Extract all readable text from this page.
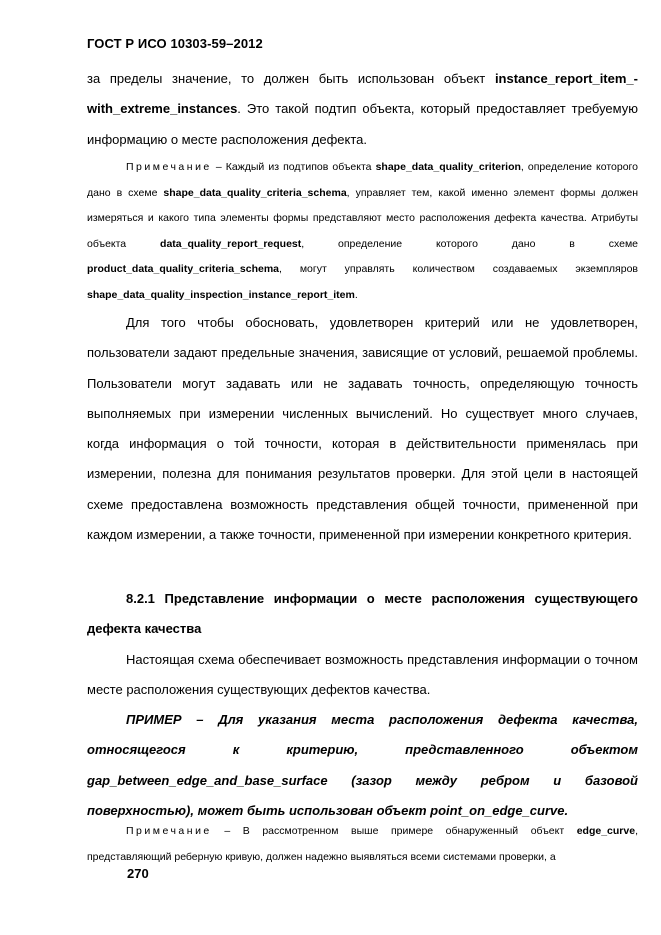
ГОСТ Р ИСО 10303-59–2012

за пределы значение, то должен быть использован объект instance_report_item_-with_extreme_instances. Это такой подтип объекта, который предоставляет требуемую информацию о месте расположения дефекта.

Примечание – Каждый из подтипов объекта shape_data_quality_criterion, определение которого дано в схеме shape_data_quality_criteria_schema, управляет тем, какой именно элемент формы должен измеряться и какого типа элементы формы представляют место расположения дефекта качества. Атрибуты объекта data_quality_report_request, определение которого дано в схеме product_data_quality_criteria_schema, могут управлять количеством создаваемых экземпляров shape_data_quality_inspection_instance_report_item.

Для того чтобы обосновать, удовлетворен критерий или не удовлетворен, пользователи задают предельные значения, зависящие от условий, решаемой проблемы. Пользователи могут задавать или не задавать точность, определяющую точность выполняемых при измерении численных вычислений. Но существует много случаев, когда информация о той точности, которая в действительности применялась при измерении, полезна для понимания результатов проверки. Для этой цели в настоящей схеме предоставлена возможность представления общей точности, примененной при каждом измерении, а также точности, примененной при измерении конкретного критерия.

8.2.1 Представление информации о месте расположения существующего дефекта качества

Настоящая схема обеспечивает возможность представления информации о точном месте расположения существующих дефектов качества.

ПРИМЕР – Для указания места расположения дефекта качества, относящегося к критерию, представленного объектом gap_between_edge_and_base_surface (зазор между ребром и базовой поверхностью), может быть использован объект point_on_edge_curve.

Примечание – В рассмотренном выше примере обнаруженный объект edge_curve, представляющий реберную кривую, должен надежно выявляться всеми системами проверки, а

270
